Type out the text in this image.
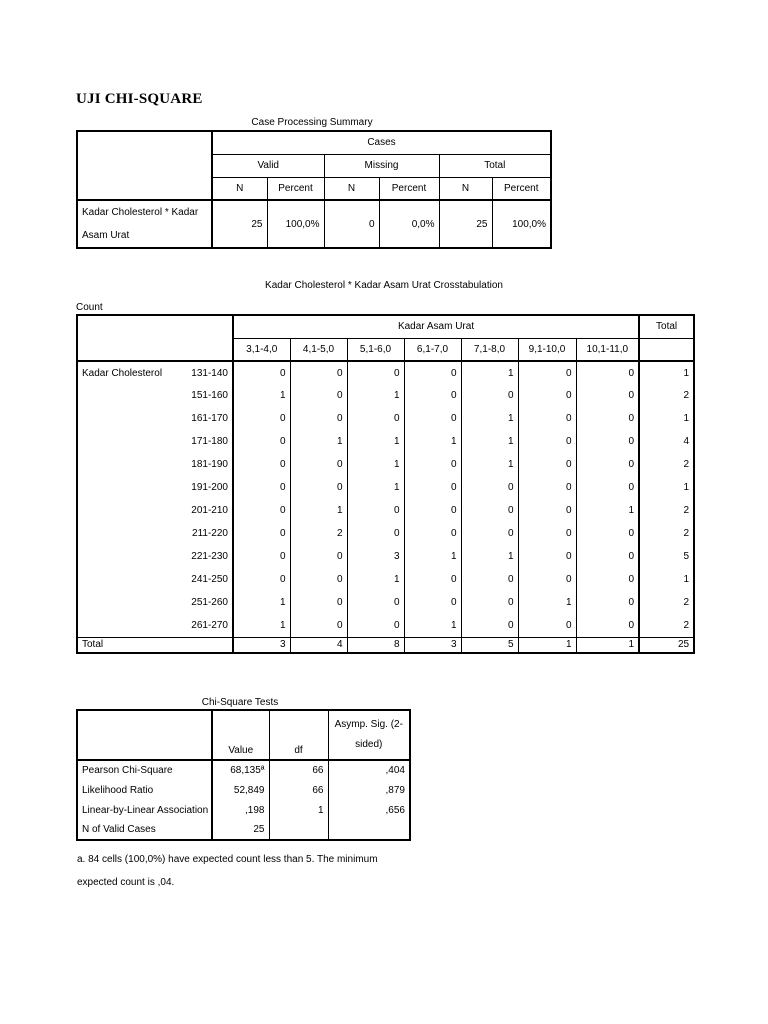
UJI CHI-SQUARE
Case Processing Summary
	Cases					
	Valid		Missing		Total	
	N	Percent	N	Percent	N	Percent
Kadar Cholesterol * Kadar
Asam Urat	25	100,0%	0	0,0%	25	100,0%
Kadar Cholesterol * Kadar Asam Urat Crosstabulation
Count
		Kadar Asam Urat							Total
		3,1-4,0	4,1-5,0	5,1-6,0	6,1-7,0	7,1-8,0	9,1-10,0	10,1-11,0	
Kadar Cholesterol	131-140	0	0	0	0	1	0	0	1
	151-160	1	0	1	0	0	0	0	2
	161-170	0	0	0	0	1	0	0	1
	171-180	0	1	1	1	1	0	0	4
	181-190	0	0	1	0	1	0	0	2
	191-200	0	0	1	0	0	0	0	1
	201-210	0	1	0	0	0	0	1	2
	211-220	0	2	0	0	0	0	0	2
	221-230	0	0	3	1	1	0	0	5
	241-250	0	0	1	0	0	0	0	1
	251-260	1	0	0	0	0	1	0	2
	261-270	1	0	0	1	0	0	0	2
Total		3	4	8	3	5	1	1	25
Chi-Square Tests
	Value	df	Asymp. Sig. (2-
sided)

Pearson Chi-Square	68,135ª	66	,404
Likelihood Ratio	52,849	66	,879
Linear-by-Linear Association	,198	1	,656
N of Valid Cases	25		
a. 84 cells (100,0%) have expected count less than 5. The minimum
expected count is ,04.
